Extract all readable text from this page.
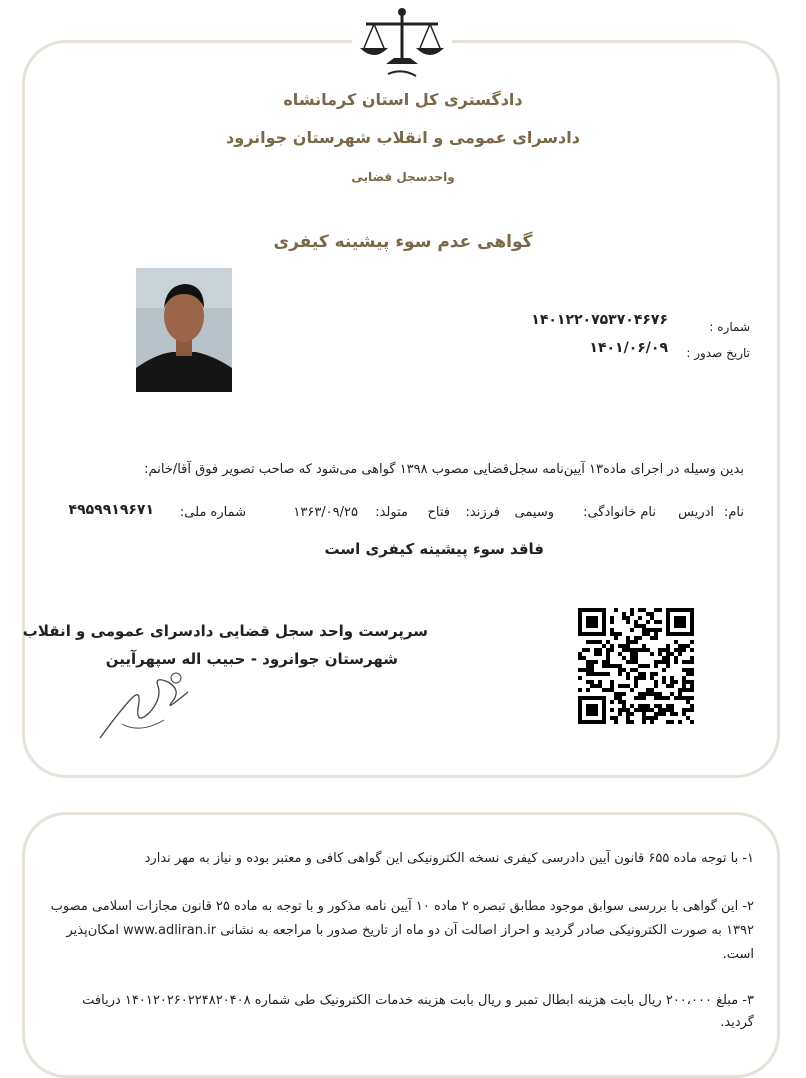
دادگستری کل استان کرمانشاه
دادسرای عمومی و انقلاب شهرستان جوانرود
واحدسجل قضایی
گواهی عدم سوء پیشینه کیفری
شماره :
۱۴۰۱۲۲۰۷۵۳۷۰۴۶۷۶
تاریخ صدور :
۱۴۰۱/۰۶/۰۹
بدین وسیله در اجرای ماده۱۳ آیین‌نامه سجل‌قضایی مصوب ۱۳۹۸ گواهی می‌شود که صاحب تصویر فوق آقا/خانم:
نام:
ادریس
نام خانوادگی:
وسیمی
فرزند:
فتاح
متولد:
۱۳۶۳/۰۹/۲۵
شماره ملی:
۴۹۵۹۹۱۹۶۷۱
فاقد سوء پیشینه کیفری است
سرپرست واحد سجل قضایی دادسرای عمومی و انقلاب
شهرستان جوانرود - حبیب اله سپهرآیین
۱- با توجه ماده ۶۵۵ قانون آیین دادرسی کیفری نسخه الکترونیکی این گواهی کافی و معتبر بوده و نیاز به مهر ندارد
۲- این گواهی با بررسی سوابق موجود مطابق تبصره ۲ ماده ۱۰ آیین نامه مذکور و با توجه به ماده ۲۵ قانون مجازات اسلامی مصوب
۱۳۹۲ به صورت الکترونیکی صادر گردید و احراز اصالت آن دو ماه از تاریخ صدور با مراجعه به نشانی www.adliran.ir امکان‌پذیر
است.
۳- مبلغ ۲۰۰،۰۰۰ ریال بابت هزینه ابطال تمبر و ریال بابت هزینه خدمات الکترونیک طی شماره ۱۴۰۱۲۰۲۶۰۲۲۴۸۲۰۴۰۸ دریافت
گردید.
